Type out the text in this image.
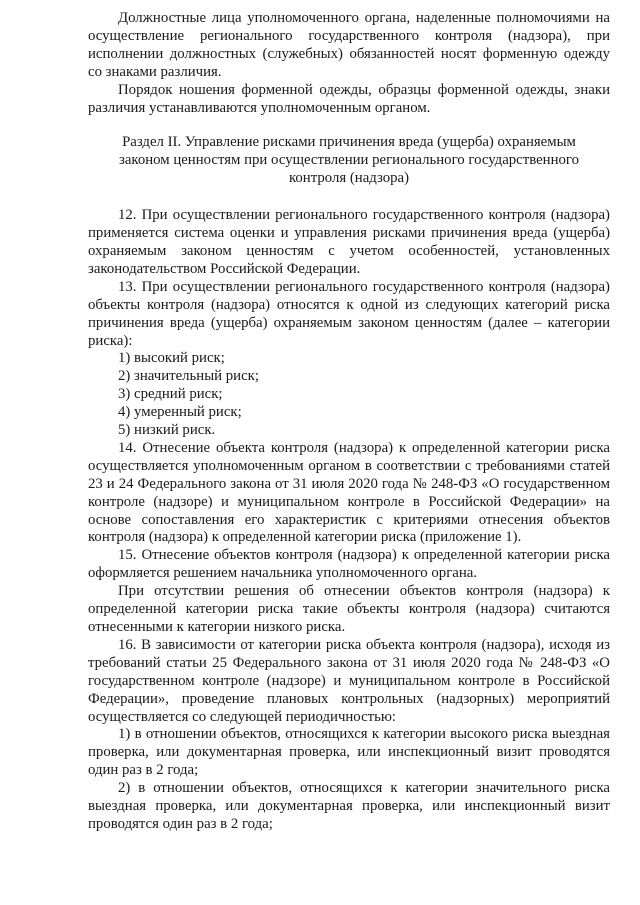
Должностные лица уполномоченного органа, наделенные полномочиями на осуществление регионального государственного контроля (надзора), при исполнении должностных (служебных) обязанностей носят форменную одежду со знаками различия.

Порядок ношения форменной одежды, образцы форменной одежды, знаки различия устанавливаются уполномоченным органом.

Раздел II. Управление рисками причинения вреда (ущерба) охраняемым законом ценностям при осуществлении регионального государственного контроля (надзора)

12. При осуществлении регионального государственного контроля (надзора) применяется система оценки и управления рисками причинения вреда (ущерба) охраняемым законом ценностям с учетом особенностей, установленных законодательством Российской Федерации.

13. При осуществлении регионального государственного контроля (надзора) объекты контроля (надзора) относятся к одной из следующих категорий риска причинения вреда (ущерба) охраняемым законом ценностям (далее – категории риска):

1) высокий риск;

2) значительный риск;

3) средний риск;

4) умеренный риск;

5) низкий риск.

14. Отнесение объекта контроля (надзора) к определенной категории риска осуществляется уполномоченным органом в соответствии с требованиями статей 23 и 24 Федерального закона от 31 июля 2020 года № 248-ФЗ «О государственном контроле (надзоре) и муниципальном контроле в Российской Федерации» на основе сопоставления его характеристик с критериями отнесения объектов контроля (надзора) к определенной категории риска (приложение 1).

15. Отнесение объектов контроля (надзора) к определенной категории риска оформляется решением начальника уполномоченного органа.

При отсутствии решения об отнесении объектов контроля (надзора) к определенной категории риска такие объекты контроля (надзора) считаются отнесенными к категории низкого риска.

16. В зависимости от категории риска объекта контроля (надзора), исходя из требований статьи 25 Федерального закона от 31 июля 2020 года № 248-ФЗ «О государственном контроле (надзоре) и муниципальном контроле в Российской Федерации», проведение плановых контрольных (надзорных) мероприятий осуществляется со следующей периодичностью:

1) в отношении объектов, относящихся к категории высокого риска выездная проверка, или документарная проверка, или инспекционный визит проводятся один раз в 2 года;

2) в отношении объектов, относящихся к категории значительного риска выездная проверка, или документарная проверка, или инспекционный визит проводятся один раз в 2 года;
